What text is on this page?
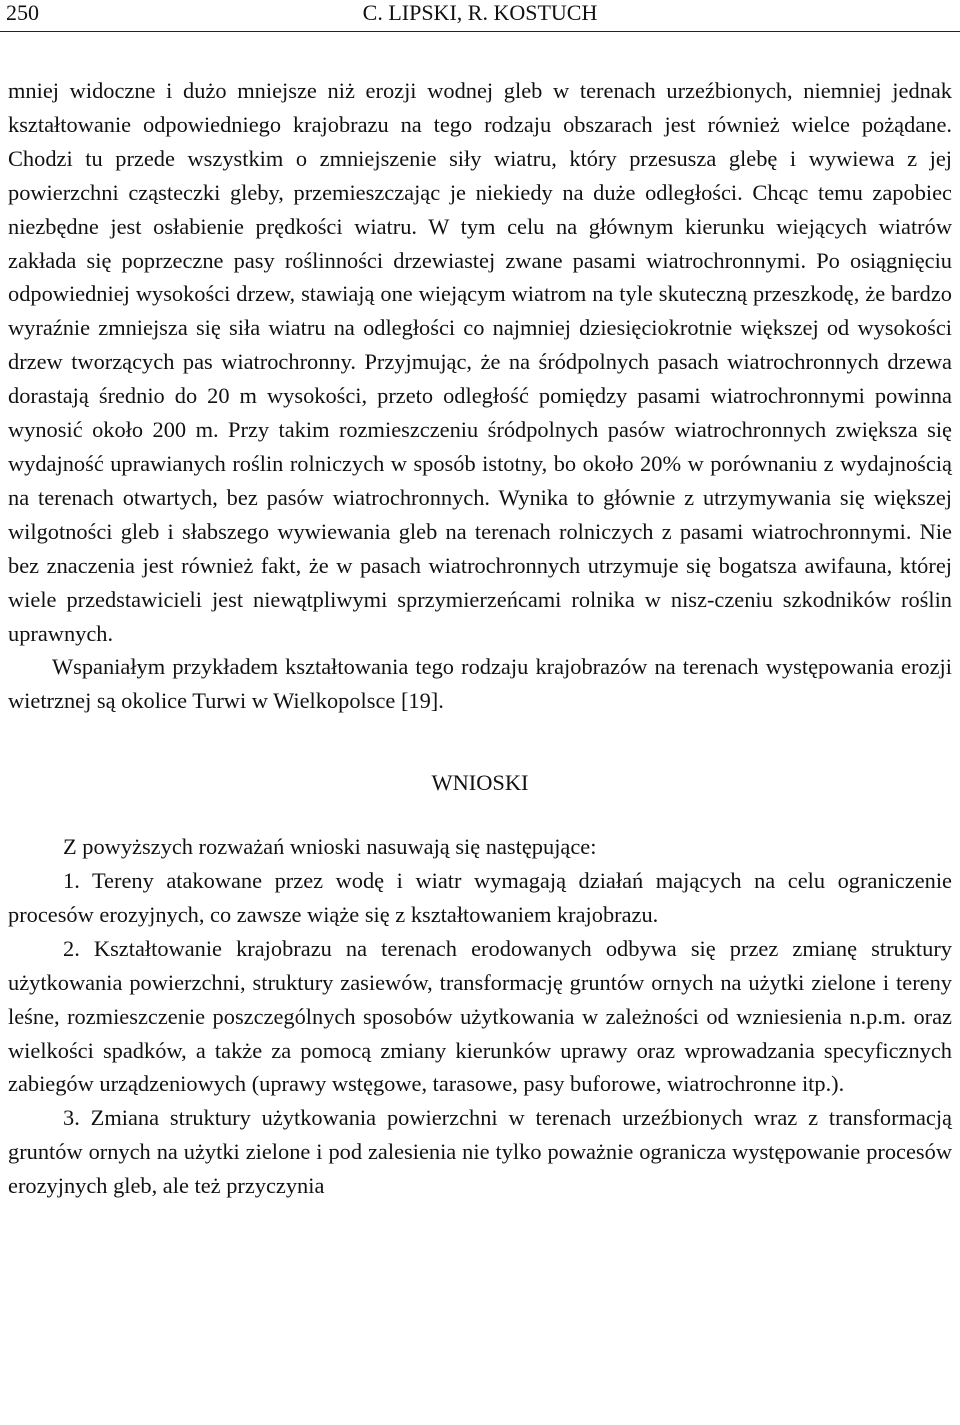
250	C. LIPSKI, R. KOSTUCH

mniej widoczne i dużo mniejsze niż erozji wodnej gleb w terenach urzeźbionych, niemniej jednak kształtowanie odpowiedniego krajobrazu na tego rodzaju obszarach jest również wielce pożądane. Chodzi tu przede wszystkim o zmniejszenie siły wiatru, który przesusza glebę i wywiewa z jej powierzchni cząsteczki gleby, przemieszczając je niekiedy na duże odległości. Chcąc temu zapobiec niezbędne jest osłabienie prędkości wiatru. W tym celu na głównym kierunku wiejących wiatrów zakłada się poprzeczne pasy roślinności drzewiastej zwane pasami wiatrochronnymi. Po osiągnięciu odpowiedniej wysokości drzew, stawiają one wiejącym wiatrom na tyle skuteczną przeszkodę, że bardzo wyraźnie zmniejsza się siła wiatru na odległości co najmniej dziesięciokrotnie większej od wysokości drzew tworzących pas wiatrochronny. Przyjmując, że na śródpolnych pasach wiatrochronnych drzewa dorastają średnio do 20 m wysokości, przeto odległość pomiędzy pasami wiatrochronnymi powinna wynosić około 200 m. Przy takim rozmieszczeniu śródpolnych pasów wiatrochronnych zwiększa się wydajność uprawianych roślin rolniczych w sposób istotny, bo około 20% w porównaniu z wydajnością na terenach otwartych, bez pasów wiatrochronnych. Wynika to głównie z utrzymywania się większej wilgotności gleb i słabszego wywiewania gleb na terenach rolniczych z pasami wiatrochronnymi. Nie bez znaczenia jest również fakt, że w pasach wiatrochronnych utrzymuje się bogatsza awifauna, której wiele przedstawicieli jest niewątpliwymi sprzymierzeńcami rolnika w nisz-czeniu szkodników roślin uprawnych.

Wspaniałym przykładem kształtowania tego rodzaju krajobrazów na terenach występowania erozji wietrznej są okolice Turwi w Wielkopolsce [19].

WNIOSKI

Z powyższych rozważań wnioski nasuwają się następujące:

1. Tereny atakowane przez wodę i wiatr wymagają działań mających na celu ograniczenie procesów erozyjnych, co zawsze wiąże się z kształtowaniem krajobrazu.

2. Kształtowanie krajobrazu na terenach erodowanych odbywa się przez zmianę struktury użytkowania powierzchni, struktury zasiewów, transformację gruntów ornych na użytki zielone i tereny leśne, rozmieszczenie poszczególnych sposobów użytkowania w zależności od wzniesienia n.p.m. oraz wielkości spadków, a także za pomocą zmiany kierunków uprawy oraz wprowadzania specyficznych zabiegów urządzeniowych (uprawy wstęgowe, tarasowe, pasy buforowe, wiatrochronne itp.).

3. Zmiana struktury użytkowania powierzchni w terenach urzeźbionych wraz z transformacją gruntów ornych na użytki zielone i pod zalesienia nie tylko poważnie ogranicza występowanie procesów erozyjnych gleb, ale też przyczynia
